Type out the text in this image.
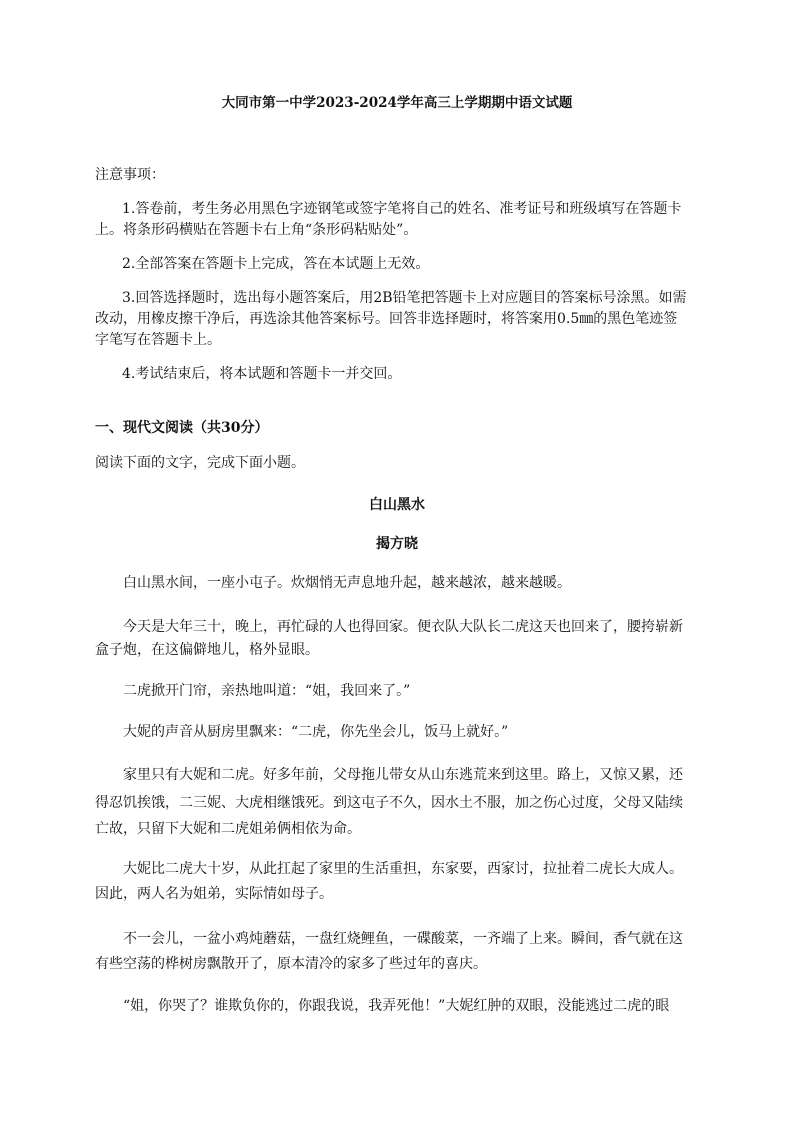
大同市第一中学2023-2024学年高三上学期期中语文试题
注意事项：
1.答卷前，考生务必用黑色字迹钢笔或签字笔将自己的姓名、准考证号和班级填写在答题卡
上。将条形码横贴在答题卡右上角“条形码粘贴处”。
2.全部答案在答题卡上完成，答在本试题上无效。
3.回答选择题时，选出每小题答案后，用2B铅笔把答题卡上对应题目的答案标号涂黑。如需
改动，用橡皮擦干净后，再选涂其他答案标号。回答非选择题时，将答案用0.5㎜的黑色笔迹签
字笔写在答题卡上。
4.考试结束后，将本试题和答题卡一并交回。
一、现代文阅读（共30分）
阅读下面的文字，完成下面小题。
白山黑水
揭方晓
白山黑水间，一座小屯子。炊烟悄无声息地升起，越来越浓，越来越暖。
今天是大年三十，晚上，再忙碌的人也得回家。便衣队大队长二虎这天也回来了，腰挎崭新
盒子炮，在这偏僻地儿，格外显眼。
二虎掀开门帘，亲热地叫道：“姐，我回来了。”
大妮的声音从厨房里飘来：“二虎，你先坐会儿，饭马上就好。”
家里只有大妮和二虎。好多年前，父母拖儿带女从山东逃荒来到这里。路上，又惊又累，还
得忍饥挨饿，二三妮、大虎相继饿死。到这屯子不久，因水土不服，加之伤心过度，父母又陆续
亡故，只留下大妮和二虎姐弟俩相依为命。
大妮比二虎大十岁，从此扛起了家里的生活重担，东家要，西家讨，拉扯着二虎长大成人。
因此，两人名为姐弟，实际情如母子。
不一会儿，一盆小鸡炖蘑菇，一盘红烧鲤鱼，一碟酸菜，一齐端了上来。瞬间，香气就在这
有些空荡的桦树房飘散开了，原本清冷的家多了些过年的喜庆。
“姐，你哭了？谁欺负你的，你跟我说，我弄死他！”大妮红肿的双眼，没能逃过二虎的眼
